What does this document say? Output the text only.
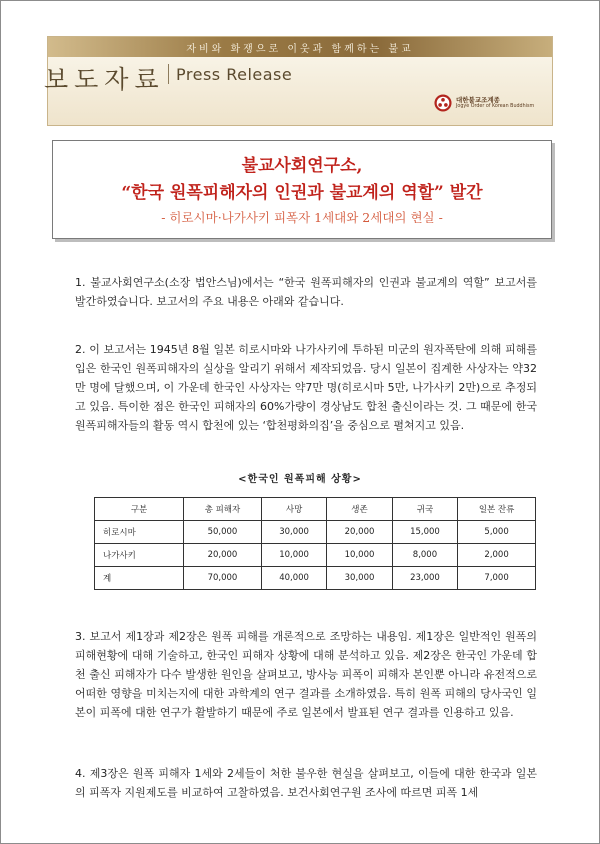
자비와 화쟁으로 이웃과 함께하는 불교
보도자료 Press Release
대한불교조계종
Jogye Order of Korean Buddhism
불교사회연구소,
“한국 원폭피해자의 인권과 불교계의 역할” 발간
- 히로시마·나가사키 피폭자 1세대와 2세대의 현실 -
1. 불교사회연구소(소장 법안스님)에서는 “한국 원폭피해자의 인권과 불교계의 역할” 보고서를 발간하였습니다. 보고서의 주요 내용은 아래와 같습니다.
2. 이 보고서는 1945년 8월 일본 히로시마와 나가사키에 투하된 미군의 원자폭탄에 의해 피해를 입은 한국인 원폭피해자의 실상을 알리기 위해서 제작되었음. 당시 일본이 집계한 사상자는 약32만 명에 달했으며, 이 가운데 한국인 사상자는 약7만 명(히로시마 5만, 나가사키 2만)으로 추정되고 있음. 특이한 점은 한국인 피해자의 60%가량이 경상남도 합천 출신이라는 것. 그 때문에 한국 원폭피해자들의 활동 역시 합천에 있는 ‘합천평화의집’을 중심으로 펼쳐지고 있음.
<한국인 원폭피해 상황>
구분	총 피해자	사망	생존	귀국	일본 잔류
히로시마	50,000	30,000	20,000	15,000	5,000
나가사키	20,000	10,000	10,000	8,000	2,000
계	70,000	40,000	30,000	23,000	7,000
3. 보고서 제1장과 제2장은 원폭 피해를 개론적으로 조망하는 내용임. 제1장은 일반적인 원폭의 피해현황에 대해 기술하고, 한국인 피해자 상황에 대해 분석하고 있음. 제2장은 한국인 가운데 합천 출신 피해자가 다수 발생한 원인을 살펴보고, 방사능 피폭이 피해자 본인뿐 아니라 유전적으로 어떠한 영향을 미치는지에 대한 과학계의 연구 결과를 소개하였음. 특히 원폭 피해의 당사국인 일본이 피폭에 대한 연구가 활발하기 때문에 주로 일본에서 발표된 연구 결과를 인용하고 있음.
4. 제3장은 원폭 피해자 1세와 2세들이 처한 불우한 현실을 살펴보고, 이들에 대한 한국과 일본의 피폭자 지원제도를 비교하여 고찰하였음. 보건사회연구원 조사에 따르면 피폭 1세
